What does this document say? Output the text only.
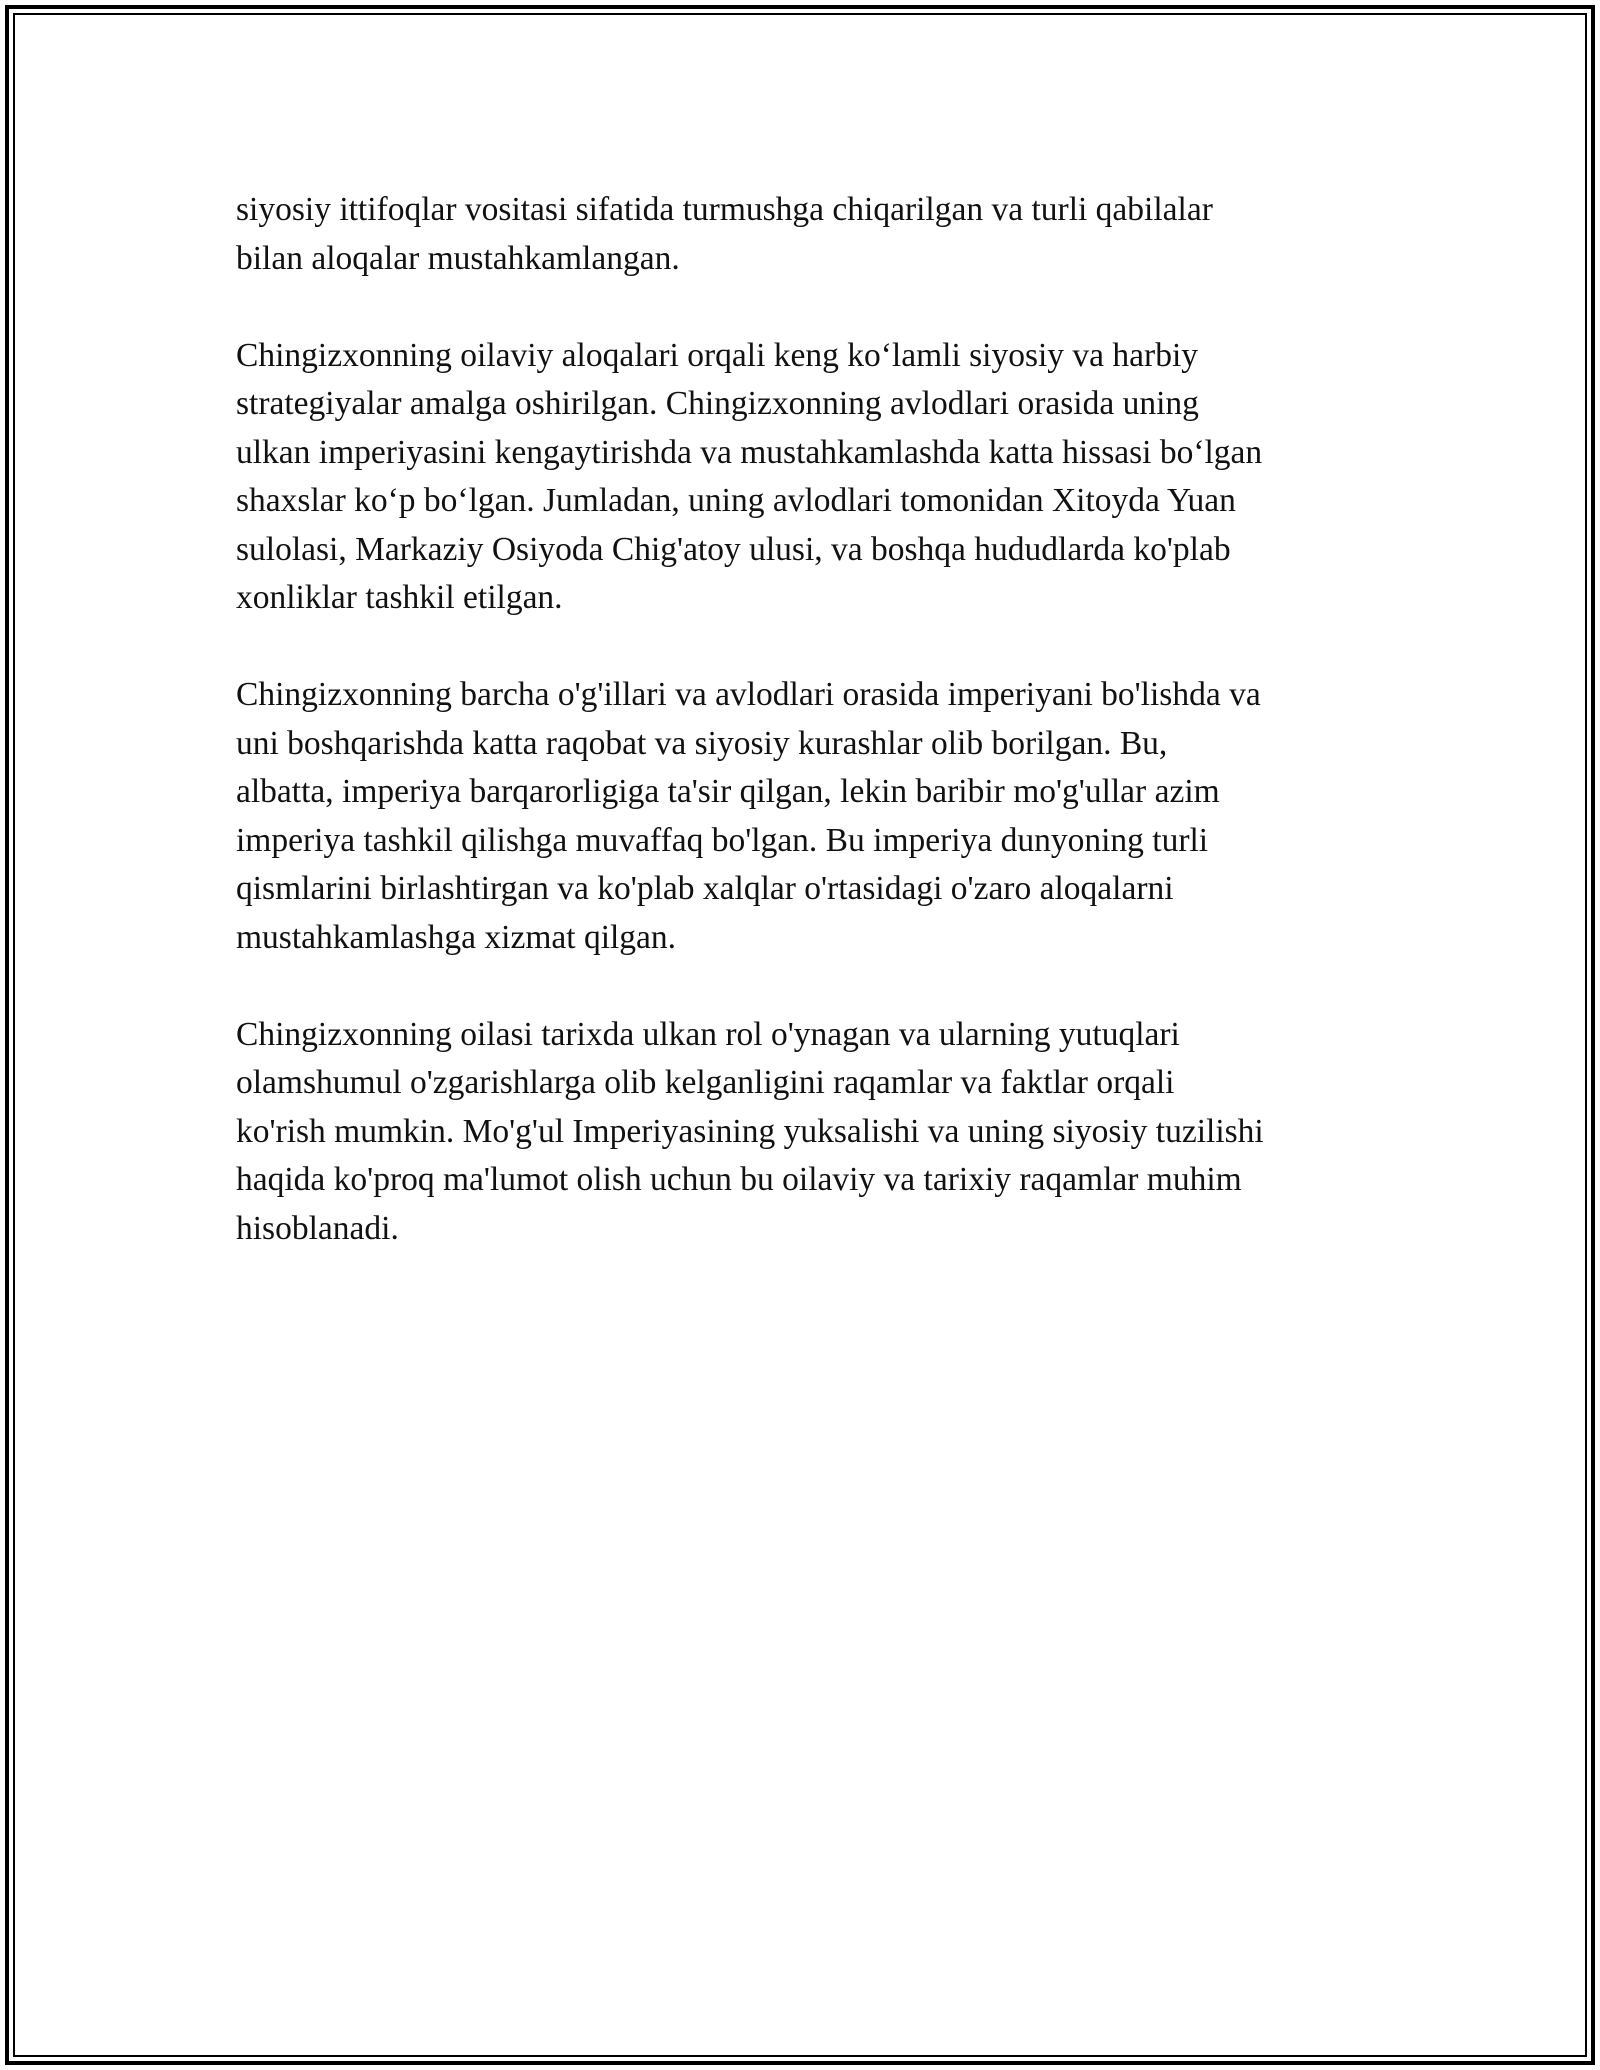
siyosiy ittifoqlar vositasi sifatida turmushga chiqarilgan va turli qabilalar
bilan aloqalar mustahkamlangan.

Chingizxonning oilaviy aloqalari orqali keng ko‘lamli siyosiy va harbiy
strategiyalar amalga oshirilgan. Chingizxonning avlodlari orasida uning
ulkan imperiyasini kengaytirishda va mustahkamlashda katta hissasi bo‘lgan
shaxslar ko‘p bo‘lgan. Jumladan, uning avlodlari tomonidan Xitoyda Yuan
sulolasi, Markaziy Osiyoda Chig'atoy ulusi, va boshqa hududlarda ko'plab
xonliklar tashkil etilgan.

Chingizxonning barcha o'g'illari va avlodlari orasida imperiyani bo'lishda va
uni boshqarishda katta raqobat va siyosiy kurashlar olib borilgan. Bu,
albatta, imperiya barqarorligiga ta'sir qilgan, lekin baribir mo'g'ullar azim
imperiya tashkil qilishga muvaffaq bo'lgan. Bu imperiya dunyoning turli
qismlarini birlashtirgan va ko'plab xalqlar o'rtasidagi o'zaro aloqalarni
mustahkamlashga xizmat qilgan.

Chingizxonning oilasi tarixda ulkan rol o'ynagan va ularning yutuqlari
olamshumul o'zgarishlarga olib kelganligini raqamlar va faktlar orqali
ko'rish mumkin. Mo'g'ul Imperiyasining yuksalishi va uning siyosiy tuzilishi
haqida ko'proq ma'lumot olish uchun bu oilaviy va tarixiy raqamlar muhim
hisoblanadi.
